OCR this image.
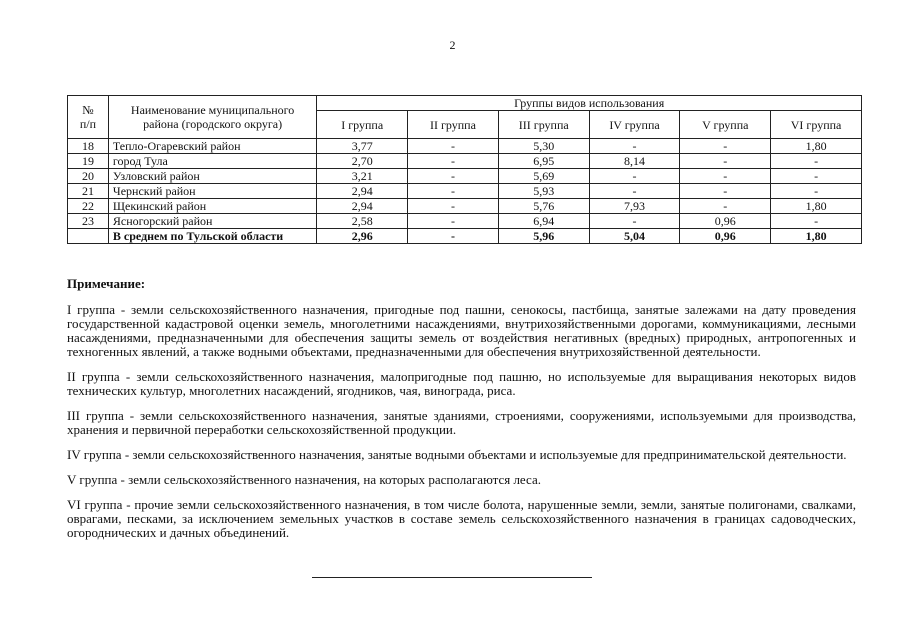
2
№
п/п	Наименование муниципального района (городского округа)	Группы видов использования					
		I группа	II группа	III группа	IV группа	V группа	VI группа
18	Тепло-Огаревский район	3,77	-	5,30	-	-	1,80
19	город Тула	2,70	-	6,95	8,14	-	-
20	Узловский район	3,21	-	5,69	-	-	-
21	Чернский район	2,94	-	5,93	-	-	-
22	Щекинский район	2,94	-	5,76	7,93	-	1,80
23	Ясногорский район	2,58	-	6,94	-	0,96	-
	В среднем по Тульской области	2,96	-	5,96	5,04	0,96	1,80
Примечание:

I группа - земли сельскохозяйственного назначения, пригодные под пашни, сенокосы, пастбища, занятые залежами на дату проведения государственной кадастровой оценки земель, многолетними насаждениями, внутрихозяйственными дорогами, коммуникациями, лесными насаждениями, предназначенными для обеспечения защиты земель от воздействия негативных (вредных) природных, антропогенных и техногенных явлений, а также водными объектами, предназначенными для обеспечения внутрихозяйственной деятельности.

II группа - земли сельскохозяйственного назначения, малопригодные под пашню, но используемые для выращивания некоторых видов технических культур, многолетних насаждений, ягодников, чая, винограда, риса.

III группа - земли сельскохозяйственного назначения, занятые зданиями, строениями, сооружениями, используемыми для производства, хранения и первичной переработки сельскохозяйственной продукции.

IV группа - земли сельскохозяйственного назначения, занятые водными объектами и используемые для предпринимательской деятельности.

V группа - земли сельскохозяйственного назначения, на которых располагаются леса.

VI группа - прочие земли сельскохозяйственного назначения, в том числе болота, нарушенные земли, земли, занятые полигонами, свалками, оврагами, песками, за исключением земельных участков в составе земель сельскохозяйственного назначения в границах садоводческих, огороднических и дачных объединений.
